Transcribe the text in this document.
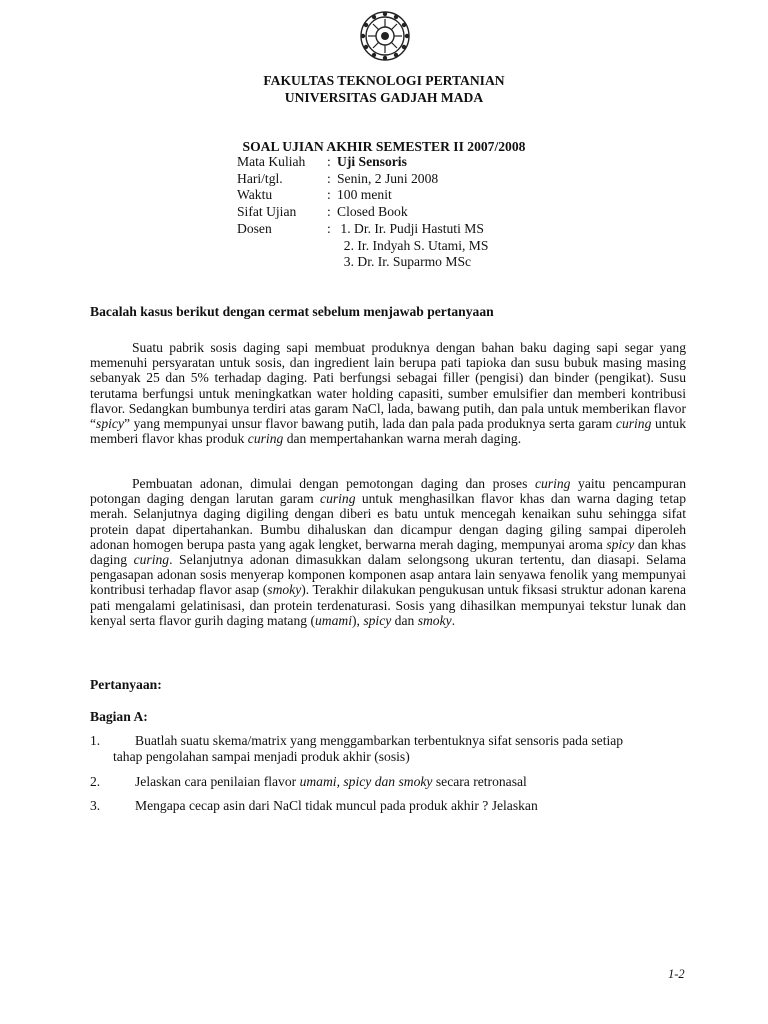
FAKULTAS TEKNOLOGI PERTANIAN
UNIVERSITAS GADJAH MADA
SOAL UJIAN AKHIR SEMESTER II 2007/2008
Mata Kuliah	: Uji Sensoris
Hari/tgl.	: Senin, 2 Juni 2008
Waktu	: 100 menit
Sifat Ujian	: Closed Book
Dosen	: 1. Dr. Ir. Pudji Hastuti MS
2. Ir. Indyah S. Utami, MS
3. Dr. Ir. Suparmo MSc
Bacalah kasus berikut dengan cermat sebelum menjawab pertanyaan

Suatu pabrik sosis daging sapi membuat produknya dengan bahan baku daging sapi segar yang memenuhi persyaratan untuk sosis, dan ingredient lain berupa pati tapioka dan susu bubuk masing masing sebanyak 25 dan 5% terhadap daging. Pati berfungsi sebagai filler (pengisi) dan binder (pengikat). Susu terutama berfungsi untuk meningkatkan water holding capasiti, sumber emulsifier dan memberi kontribusi flavor. Sedangkan bumbunya terdiri atas garam NaCl, lada, bawang putih, dan pala untuk memberikan flavor “spicy” yang mempunyai unsur flavor bawang putih, lada dan pala pada produknya serta garam curing untuk memberi flavor khas produk curing dan mempertahankan warna merah daging.

Pembuatan adonan, dimulai dengan pemotongan daging dan proses curing yaitu pencampuran potongan daging dengan larutan garam curing untuk menghasilkan flavor khas dan warna daging tetap merah. Selanjutnya daging digiling dengan diberi es batu untuk mencegah kenaikan suhu sehingga sifat protein dapat dipertahankan. Bumbu dihaluskan dan dicampur dengan daging giling sampai diperoleh adonan homogen berupa pasta yang agak lengket, berwarna merah daging, mempunyai aroma spicy dan khas daging curing. Selanjutnya adonan dimasukkan dalam selongsong ukuran tertentu, dan diasapi. Selama pengasapan adonan sosis menyerap komponen komponen asap antara lain senyawa fenolik yang mempunyai kontribusi terhadap flavor asap (smoky). Terakhir dilakukan pengukusan untuk fiksasi struktur adonan karena pati mengalami gelatinisasi, dan protein terdenaturasi. Sosis yang dihasilkan mempunyai tekstur lunak dan kenyal serta flavor gurih daging matang (umami), spicy dan smoky.

Pertanyaan:
Bagian A:
1.	Buatlah suatu skema/matrix yang menggambarkan terbentuknya sifat sensoris pada setiap
tahap pengolahan sampai menjadi produk akhir (sosis)
2.	Jelaskan cara penilaian flavor umami, spicy dan smoky secara retronasal
3.	Mengapa cecap asin dari NaCl tidak muncul pada produk akhir ? Jelaskan
1-2
